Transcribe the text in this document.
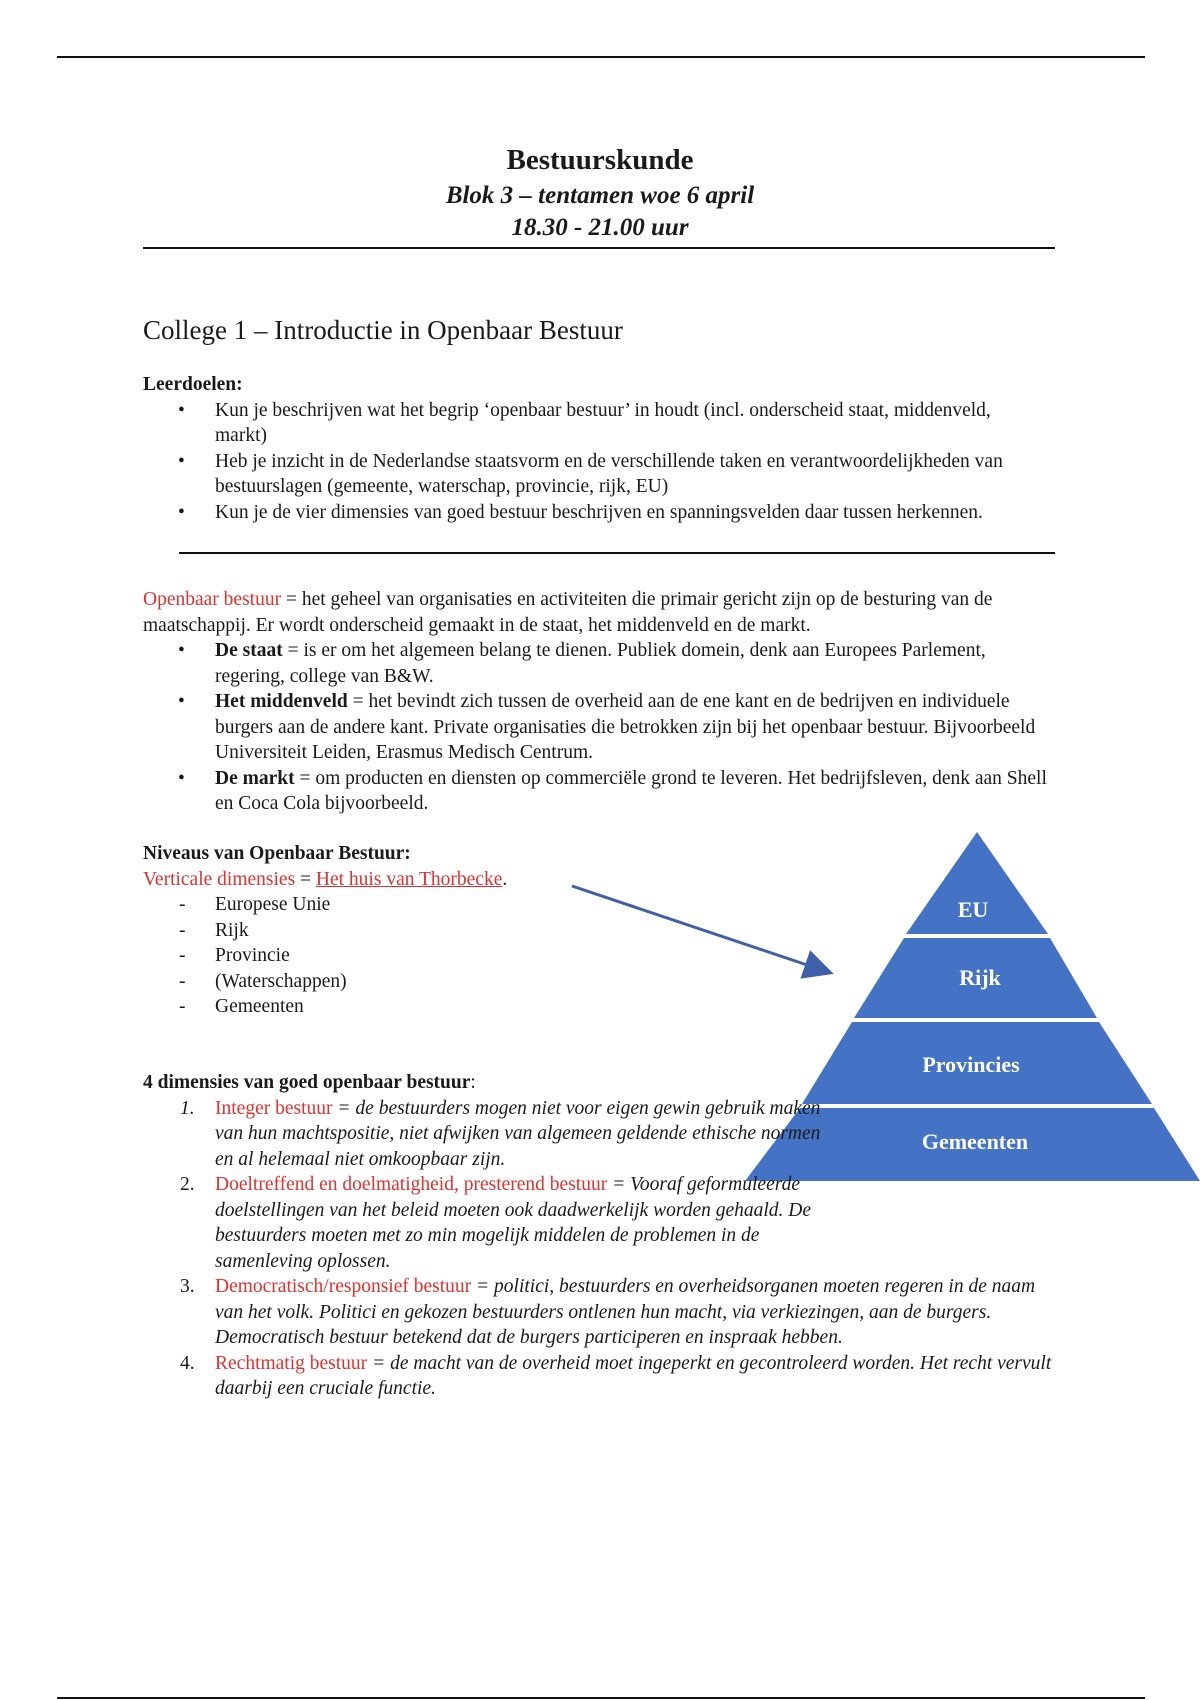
Bestuurskunde
Blok 3 – tentamen woe 6 april
18.30 - 21.00 uur
College 1 – Introductie in Openbaar Bestuur

Leerdoelen:

• Kun je beschrijven wat het begrip ‘openbaar bestuur’ in houdt (incl. onderscheid staat, middenveld, markt)
• Heb je inzicht in de Nederlandse staatsvorm en de verschillende taken en verantwoordelijkheden van bestuurslagen (gemeente, waterschap, provincie, rijk, EU)
• Kun je de vier dimensies van goed bestuur beschrijven en spanningsvelden daar tussen herkennen.

Openbaar bestuur = het geheel van organisaties en activiteiten die primair gericht zijn op de besturing van de maatschappij. Er wordt onderscheid gemaakt in de staat, het middenveld en de markt.

• De staat = is er om het algemeen belang te dienen. Publiek domein, denk aan Europees Parlement, regering, college van B&W.
• Het middenveld = het bevindt zich tussen de overheid aan de ene kant en de bedrijven en individuele burgers aan de andere kant. Private organisaties die betrokken zijn bij het openbaar bestuur. Bijvoorbeeld Universiteit Leiden, Erasmus Medisch Centrum.
• De markt = om producten en diensten op commerciële grond te leveren. Het bedrijfsleven, denk aan Shell en Coca Cola bijvoorbeeld.

Niveaus van Openbaar Bestuur:

Verticale dimensies = Het huis van Thorbecke.

- Europese Unie
- Rijk
- Provincie
- (Waterschappen)
- Gemeenten
EU
Rijk
Provincies
Gemeenten

4 dimensies van goed openbaar bestuur:

1. Integer bestuur = de bestuurders mogen niet voor eigen gewin gebruik maken van hun machtspositie, niet afwijken van algemeen geldende ethische normen en al helemaal niet omkoopbaar zijn.
2. Doeltreffend en doelmatigheid, presterend bestuur = Vooraf geformuleerde doelstellingen van het beleid moeten ook daadwerkelijk worden gehaald. De bestuurders moeten met zo min mogelijk middelen de problemen in de samenleving oplossen.
3. Democratisch/responsief bestuur = politici, bestuurders en overheidsorganen moeten regeren in de naam van het volk. Politici en gekozen bestuurders ontlenen hun macht, via verkiezingen, aan de burgers. Democratisch bestuur betekend dat de burgers participeren en inspraak hebben.
4. Rechtmatig bestuur = de macht van de overheid moet ingeperkt en gecontroleerd worden. Het recht vervult daarbij een cruciale functie.
